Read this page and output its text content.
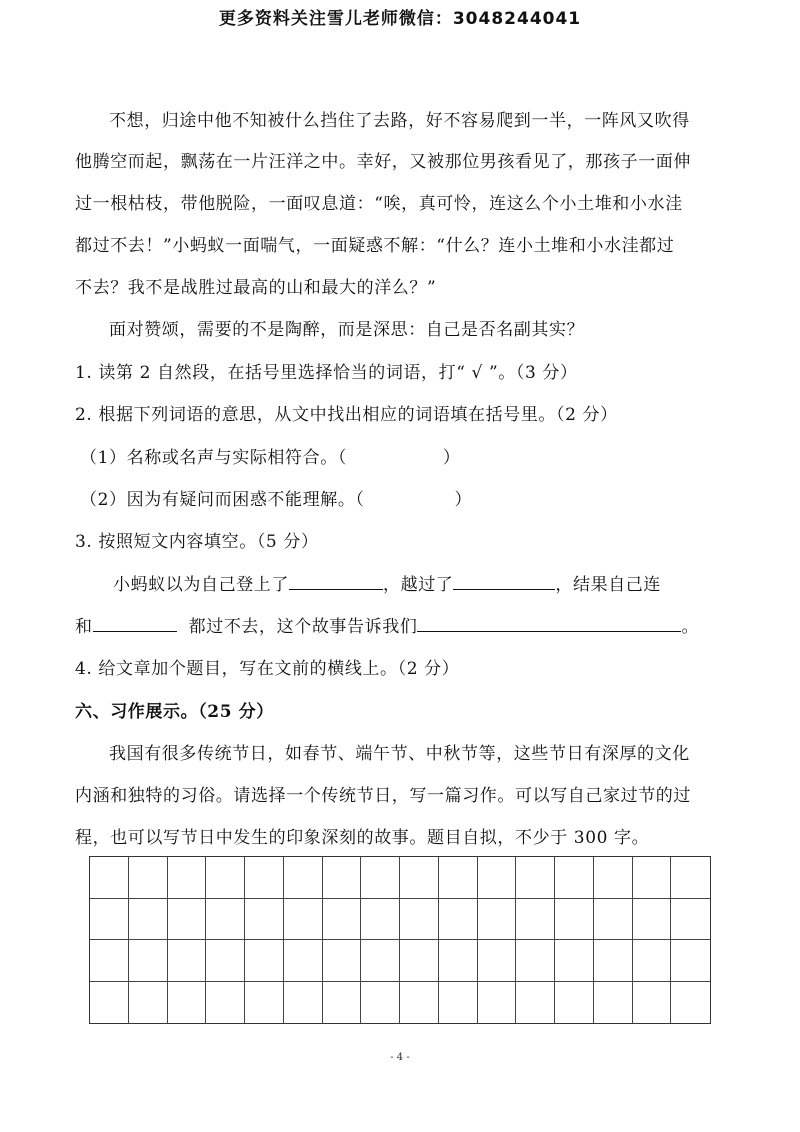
更多资料关注雪儿老师微信：3048244041
不想，归途中他不知被什么挡住了去路，好不容易爬到一半，一阵风又吹得
他腾空而起，飘荡在一片汪洋之中。幸好，又被那位男孩看见了，那孩子一面伸
过一根枯枝，带他脱险，一面叹息道：“唉，真可怜，连这么个小土堆和小水洼
都过不去！”小蚂蚁一面喘气，一面疑惑不解：“什么？连小土堆和小水洼都过
不去？我不是战胜过最高的山和最大的洋么？”
面对赞颂，需要的不是陶醉，而是深思：自己是否名副其实？
1. 读第 2 自然段，在括号里选择恰当的词语，打“ √ ”。（3 分）
2. 根据下列词语的意思，从文中找出相应的词语填在括号里。（2 分）
（1）名称或名声与实际相符合。（	）
（2）因为有疑问而困惑不能理解。（	）
3. 按照短文内容填空。（5 分）
小蚂蚁以为自己登上了	，越过了	，结果自己连
和	都过不去，这个故事告诉我们	。
4. 给文章加个题目，写在文前的横线上。（2 分）
六、习作展示。（25 分）
我国有很多传统节日，如春节、端午节、中秋节等，这些节日有深厚的文化
内涵和独特的习俗。请选择一个传统节日，写一篇习作。可以写自己家过节的过
程，也可以写节日中发生的印象深刻的故事。题目自拟，不少于 300 字。
- 4 -
